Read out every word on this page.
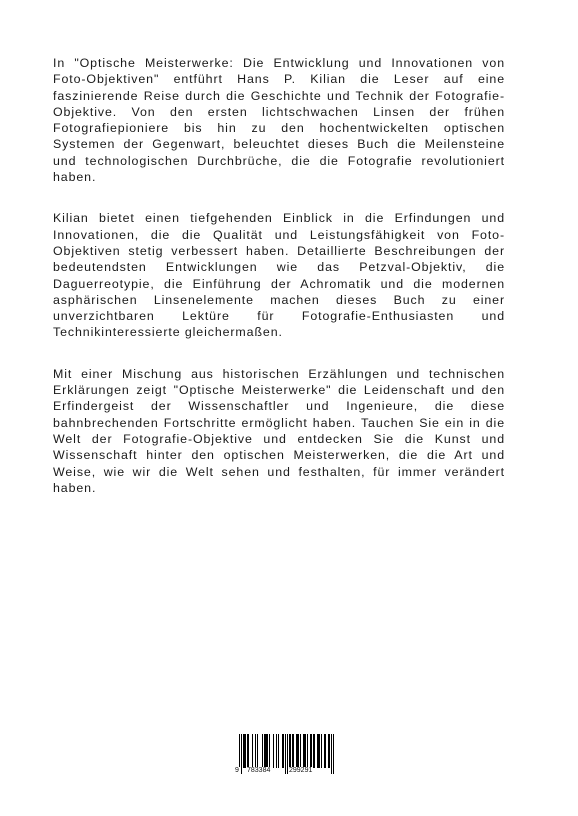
In "Optische Meisterwerke: Die Entwicklung und Innovationen von Foto-Objektiven" entführt Hans P. Kilian die Leser auf eine faszinierende Reise durch die Geschichte und Technik der Fotografie-Objektive. Von den ersten lichtschwachen Linsen der frühen Fotografiepioniere bis hin zu den hochentwickelten optischen Systemen der Gegenwart, beleuchtet dieses Buch die Meilensteine und technologischen Durchbrüche, die die Fotografie revolutioniert haben.

Kilian bietet einen tiefgehenden Einblick in die Erfindungen und Innovationen, die die Qualität und Leistungsfähigkeit von Foto-Objektiven stetig verbessert haben. Detaillierte Beschreibungen der bedeutendsten Entwicklungen wie das Petzval-Objektiv, die Daguerreotypie, die Einführung der Achromatik und die modernen asphärischen Linsenelemente machen dieses Buch zu einer unverzichtbaren Lektüre für Fotografie-Enthusiasten und Technikinteressierte gleichermaßen.

Mit einer Mischung aus historischen Erzählungen und technischen Erklärungen zeigt "Optische Meisterwerke" die Leidenschaft und den Erfindergeist der Wissenschaftler und Ingenieure, die diese bahnbrechenden Fortschritte ermöglicht haben. Tauchen Sie ein in die Welt der Fotografie-Objektive und entdecken Sie die Kunst und Wissenschaft hinter den optischen Meisterwerken, die die Art und Weise, wie wir die Welt sehen und festhalten, für immer verändert haben.

9 783384	299291
